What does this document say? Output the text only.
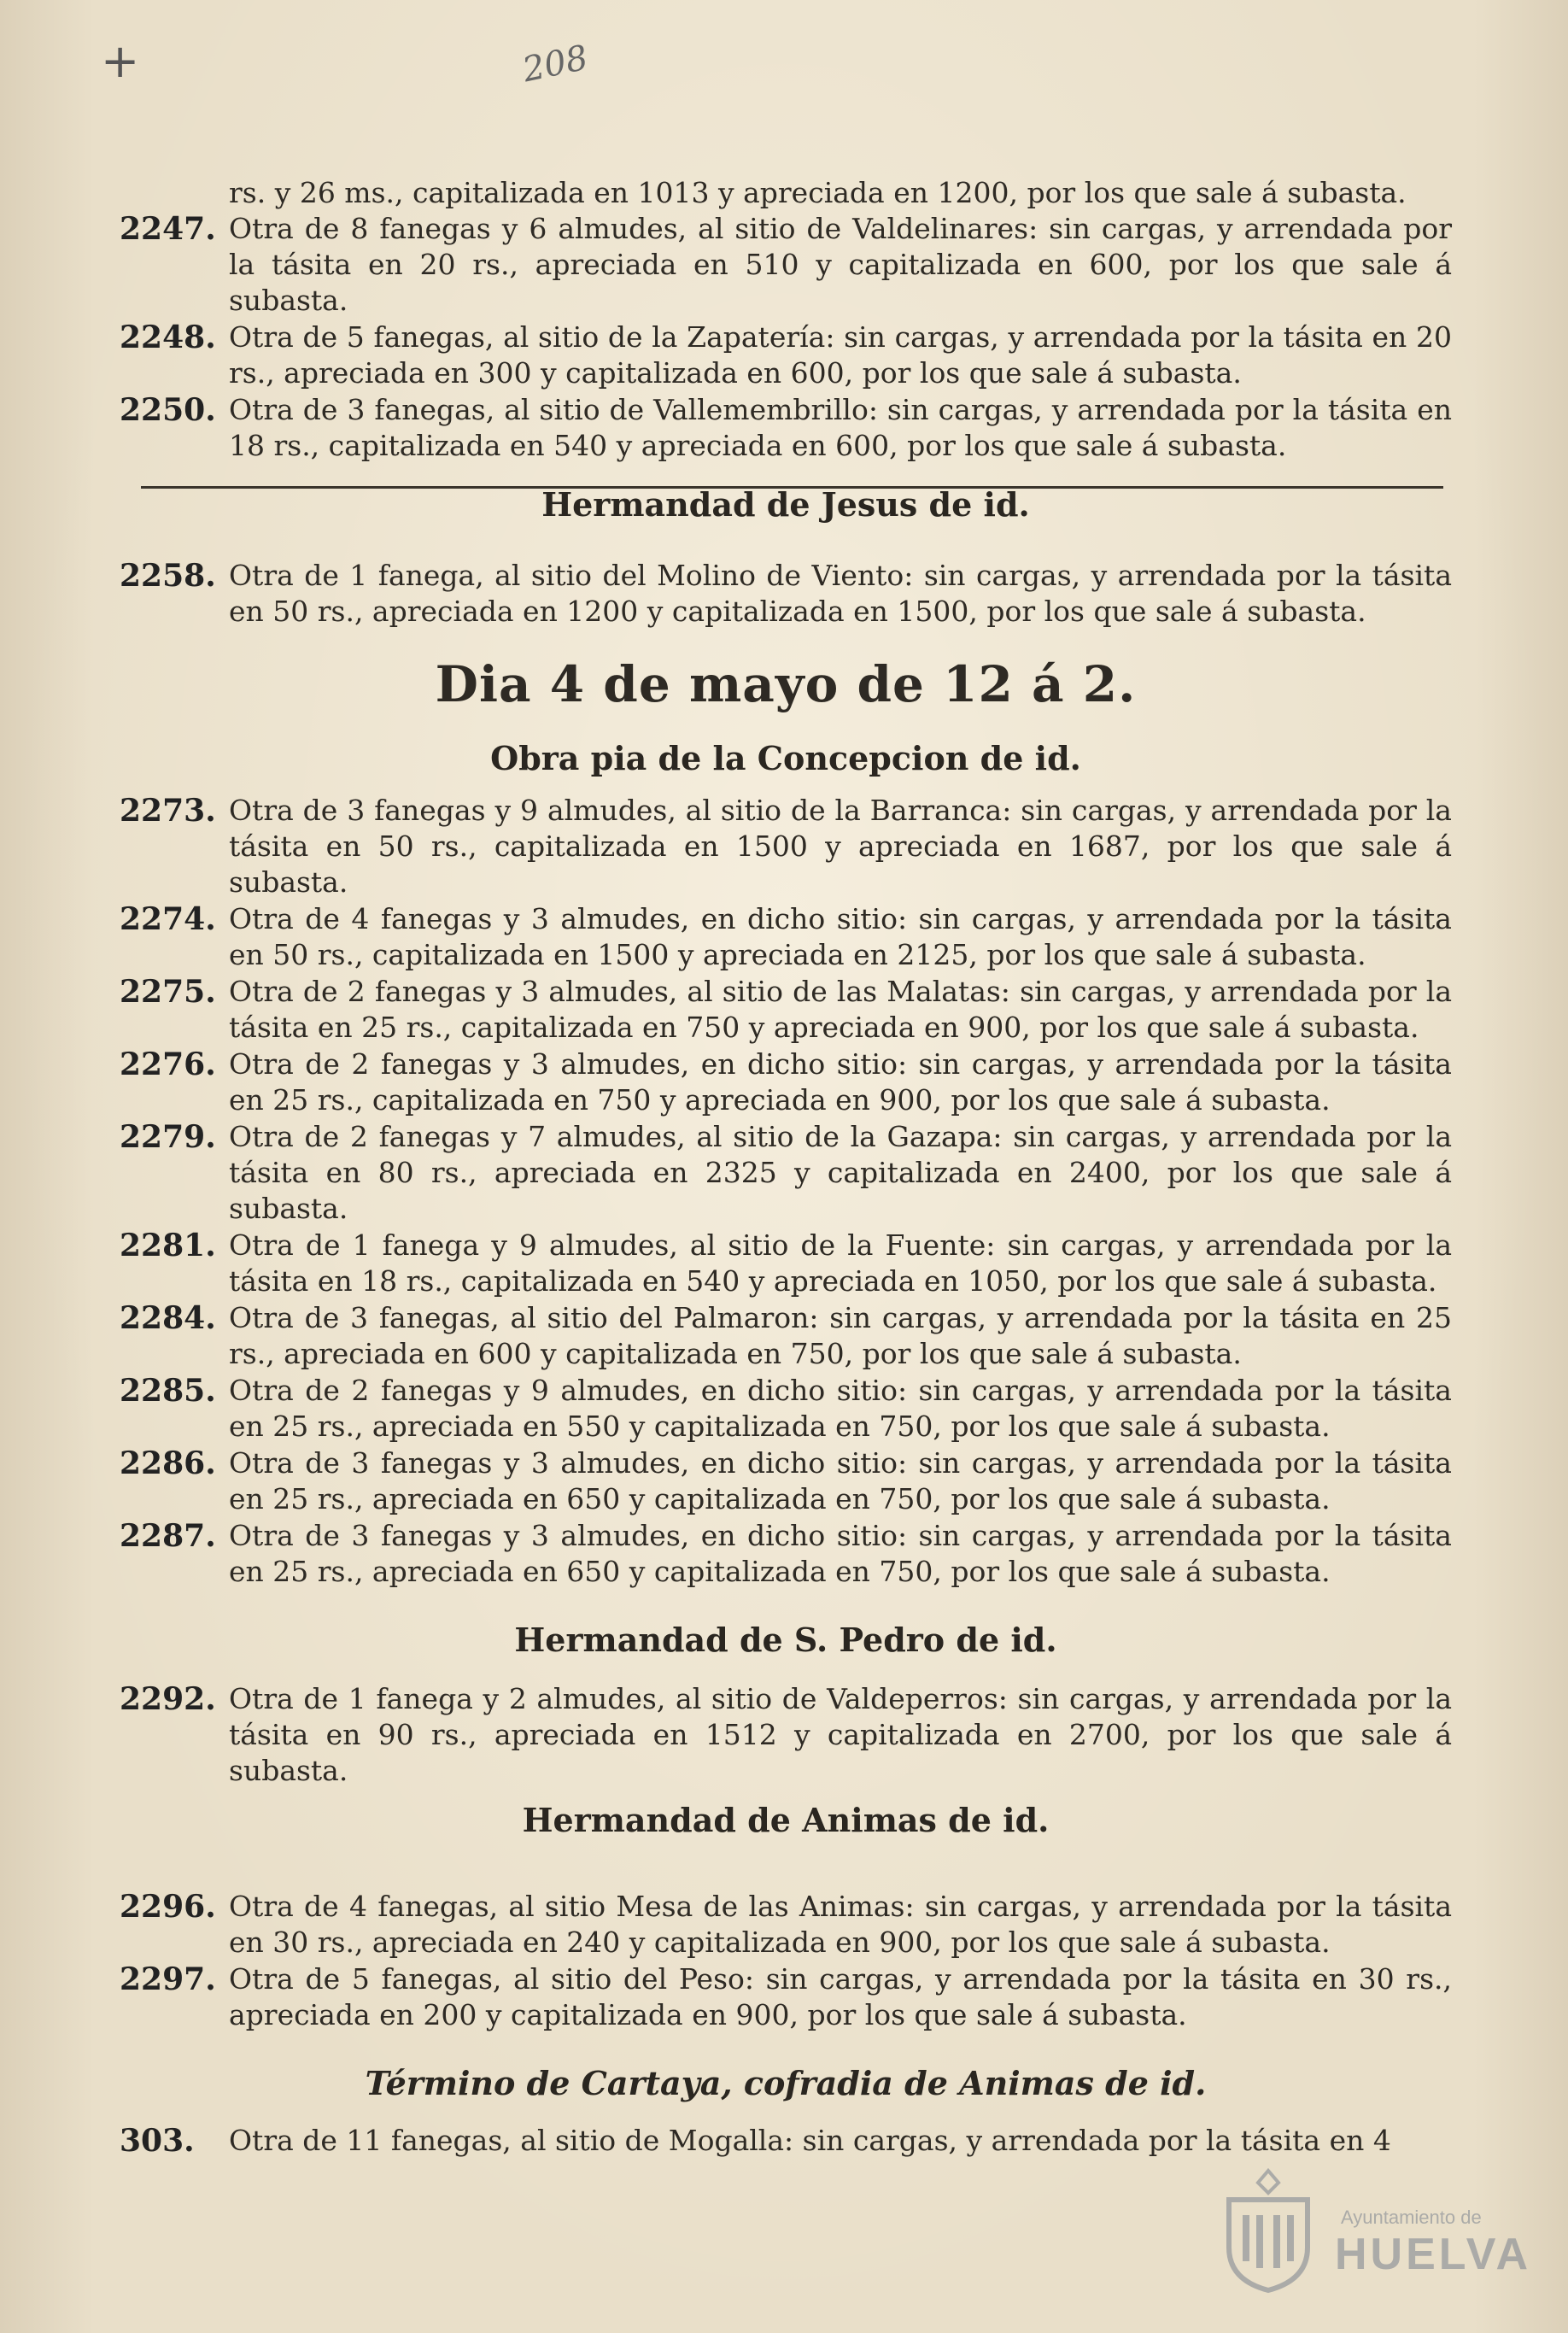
+	208
rs. y 26 ms., capitalizada en 1013 y apreciada en 1200, por los que sale á subasta.
2247. Otra de 8 fanegas y 6 almudes, al sitio de Valdelinares: sin cargas, y arrendada por la tásita en 20 rs., apreciada en 510 y capitalizada en 600, por los que sale á subasta.
2248. Otra de 5 fanegas, al sitio de la Zapatería: sin cargas, y arrendada por la tásita en 20 rs., apreciada en 300 y capitalizada en 600, por los que sale á subasta.
2250. Otra de 3 fanegas, al sitio de Vallemembrillo: sin cargas, y arrendada por la tásita en 18 rs., capitalizada en 540 y apreciada en 600, por los que sale á subasta.
Hermandad de Jesus de id.
2258. Otra de 1 fanega, al sitio del Molino de Viento: sin cargas, y arrendada por la tásita en 50 rs., apreciada en 1200 y capitalizada en 1500, por los que sale á subasta.
Dia 4 de mayo de 12 á 2.
Obra pia de la Concepcion de id.
2273. Otra de 3 fanegas y 9 almudes, al sitio de la Barranca: sin cargas, y arrendada por la tásita en 50 rs., capitalizada en 1500 y apreciada en 1687, por los que sale á subasta.
2274. Otra de 4 fanegas y 3 almudes, en dicho sitio: sin cargas, y arrendada por la tásita en 50 rs., capitalizada en 1500 y apreciada en 2125, por los que sale á subasta.
2275. Otra de 2 fanegas y 3 almudes, al sitio de las Malatas: sin cargas, y arrendada por la tásita en 25 rs., capitalizada en 750 y apreciada en 900, por los que sale á subasta.
2276. Otra de 2 fanegas y 3 almudes, en dicho sitio: sin cargas, y arrendada por la tásita en 25 rs., capitalizada en 750 y apreciada en 900, por los que sale á subasta.
2279. Otra de 2 fanegas y 7 almudes, al sitio de la Gazapa: sin cargas, y arrendada por la tásita en 80 rs., apreciada en 2325 y capitalizada en 2400, por los que sale á subasta.
2281. Otra de 1 fanega y 9 almudes, al sitio de la Fuente: sin cargas, y arrendada por la tásita en 18 rs., capitalizada en 540 y apreciada en 1050, por los que sale á subasta.
2284. Otra de 3 fanegas, al sitio del Palmaron: sin cargas, y arrendada por la tásita en 25 rs., apreciada en 600 y capitalizada en 750, por los que sale á subasta.
2285. Otra de 2 fanegas y 9 almudes, en dicho sitio: sin cargas, y arrendada por la tásita en 25 rs., apreciada en 550 y capitalizada en 750, por los que sale á subasta.
2286. Otra de 3 fanegas y 3 almudes, en dicho sitio: sin cargas, y arrendada por la tásita en 25 rs., apreciada en 650 y capitalizada en 750, por los que sale á subasta.
2287. Otra de 3 fanegas y 3 almudes, en dicho sitio: sin cargas, y arrendada por la tásita en 25 rs., apreciada en 650 y capitalizada en 750, por los que sale á subasta.
Hermandad de S. Pedro de id.
2292. Otra de 1 fanega y 2 almudes, al sitio de Valdeperros: sin cargas, y arrendada por la tásita en 90 rs., apreciada en 1512 y capitalizada en 2700, por los que sale á subasta.
Hermandad de Animas de id.
2296. Otra de 4 fanegas, al sitio Mesa de las Animas: sin cargas, y arrendada por la tásita en 30 rs., apreciada en 240 y capitalizada en 900, por los que sale á subasta.
2297. Otra de 5 fanegas, al sitio del Peso: sin cargas, y arrendada por la tásita en 30 rs., apreciada en 200 y capitalizada en 900, por los que sale á subasta.
Término de Cartaya, cofradia de Animas de id.
303.	Otra de 11 fanegas, al sitio de Mogalla: sin cargas, y arrendada por la tásita en 4
Ayuntamiento de
HUELVA
